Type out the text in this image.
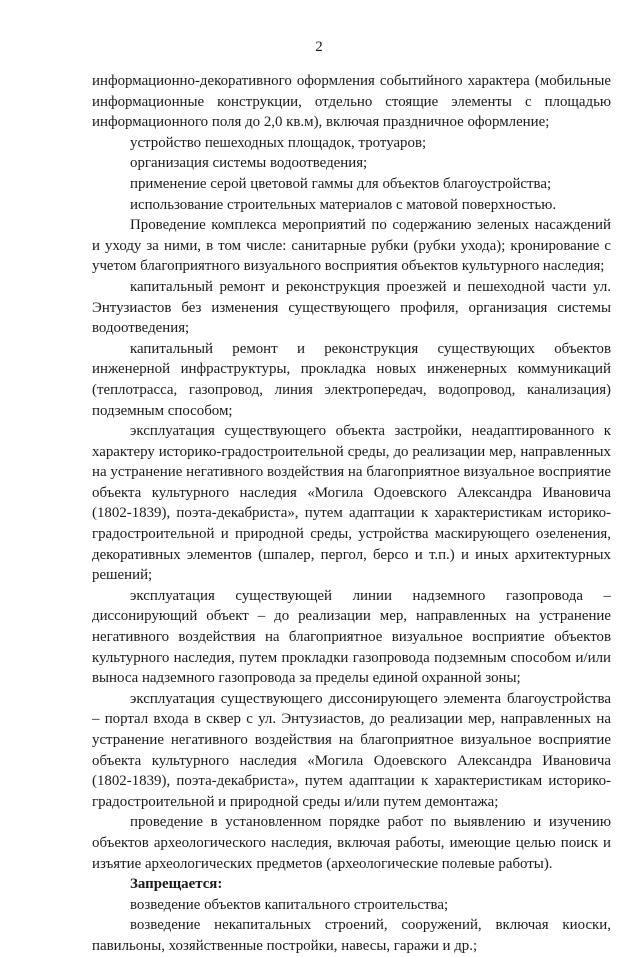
2

информационно-декоративного оформления событийного характера (мобильные информационные конструкции, отдельно стоящие элементы с площадью информационного поля до 2,0 кв.м), включая праздничное оформление;

устройство пешеходных площадок, тротуаров;

организация системы водоотведения;

применение серой цветовой гаммы для объектов благоустройства;

использование строительных материалов с матовой поверхностью.

Проведение комплекса мероприятий по содержанию зеленых насаждений и уходу за ними, в том числе: санитарные рубки (рубки ухода); кронирование с учетом благоприятного визуального восприятия объектов культурного наследия;

капитальный ремонт и реконструкция проезжей и пешеходной части ул. Энтузиастов без изменения существующего профиля, организация системы водоотведения;

капитальный ремонт и реконструкция существующих объектов инженерной инфраструктуры, прокладка новых инженерных коммуникаций (теплотрасса, газопровод, линия электропередач, водопровод, канализация) подземным способом;

эксплуатация существующего объекта застройки, неадаптированного к характеру историко-градостроительной среды, до реализации мер, направленных на устранение негативного воздействия на благоприятное визуальное восприятие объекта культурного наследия «Могила Одоевского Александра Ивановича (1802-1839), поэта-декабриста», путем адаптации к характеристикам историко-градостроительной и природной среды, устройства маскирующего озеленения, декоративных элементов (шпалер, пергол, берсо и т.п.) и иных архитектурных решений;

эксплуатация существующей линии надземного газопровода – диссонирующий объект – до реализации мер, направленных на устранение негативного воздействия на благоприятное визуальное восприятие объектов культурного наследия, путем прокладки газопровода подземным способом и/или выноса надземного газопровода за пределы единой охранной зоны;

эксплуатация существующего диссонирующего элемента благоустройства – портал входа в сквер с ул. Энтузиастов, до реализации мер, направленных на устранение негативного воздействия на благоприятное визуальное восприятие объекта культурного наследия «Могила Одоевского Александра Ивановича (1802-1839), поэта-декабриста», путем адаптации к характеристикам историко-градостроительной и природной среды и/или путем демонтажа;

проведение в установленном порядке работ по выявлению и изучению объектов археологического наследия, включая работы, имеющие целью поиск и изъятие археологических предметов (археологические полевые работы).

Запрещается:

возведение объектов капитального строительства;

возведение некапитальных строений, сооружений, включая киоски, павильоны, хозяйственные постройки, навесы, гаражи и др.;
